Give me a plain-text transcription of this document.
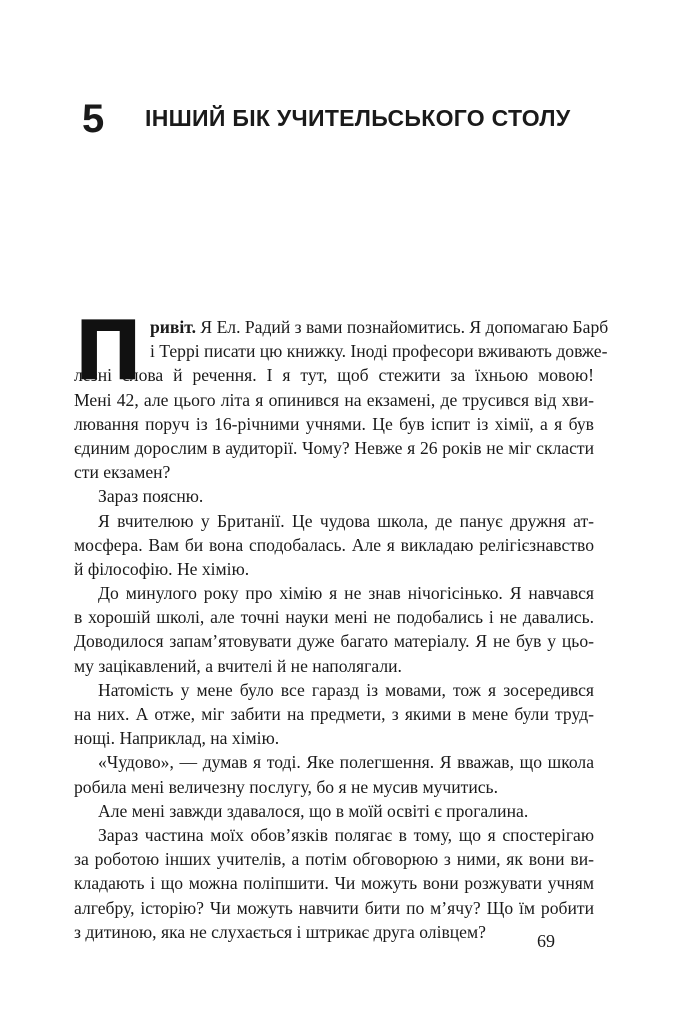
5 ІНШИЙ БІК УЧИТЕЛЬСЬКОГО СТОЛУ
П ривіт. Я Ел. Радий з вами познайомитись. Я допомагаю Барб
і Террі писати цю книжку. Іноді професори вживають довже-
лезні слова й речення. І я тут, щоб стежити за їхньою мовою!
Мені 42, але цього літа я опинився на екзамені, де трусився від хви-
лювання поруч із 16-річними учнями. Це був іспит із хімії, а я був
єдиним дорослим в аудиторії. Чому? Невже я 26 років не міг скласти
сти екзамен?
Зараз поясню.
Я вчителюю у Британії. Це чудова школа, де панує дружня ат-
мосфера. Вам би вона сподобалась. Але я викладаю релігієзнавство
й філософію. Не хімію.
До минулого року про хімію я не знав нічогісінько. Я навчався
в хорошій школі, але точні науки мені не подобались і не давались.
Доводилося запам’ятовувати дуже багато матеріалу. Я не був у цьо-
му зацікавлений, а вчителі й не наполягали.
Натомість у мене було все гаразд із мовами, тож я зосередився
на них. А отже, міг забити на предмети, з якими в мене були труд-
нощі. Наприклад, на хімію.
«Чудово», — думав я тоді. Яке полегшення. Я вважав, що школа
робила мені величезну послугу, бо я не мусив мучитись.
Але мені завжди здавалося, що в моїй освіті є прогалина.
Зараз частина моїх обов’язків полягає в тому, що я спостерігаю
за роботою інших учителів, а потім обговорюю з ними, як вони ви-
кладають і що можна поліпшити. Чи можуть вони розжувати учням
алгебру, історію? Чи можуть навчити бити по м’ячу? Що їм робити
з дитиною, яка не слухається і штрикає друга олівцем?	69
